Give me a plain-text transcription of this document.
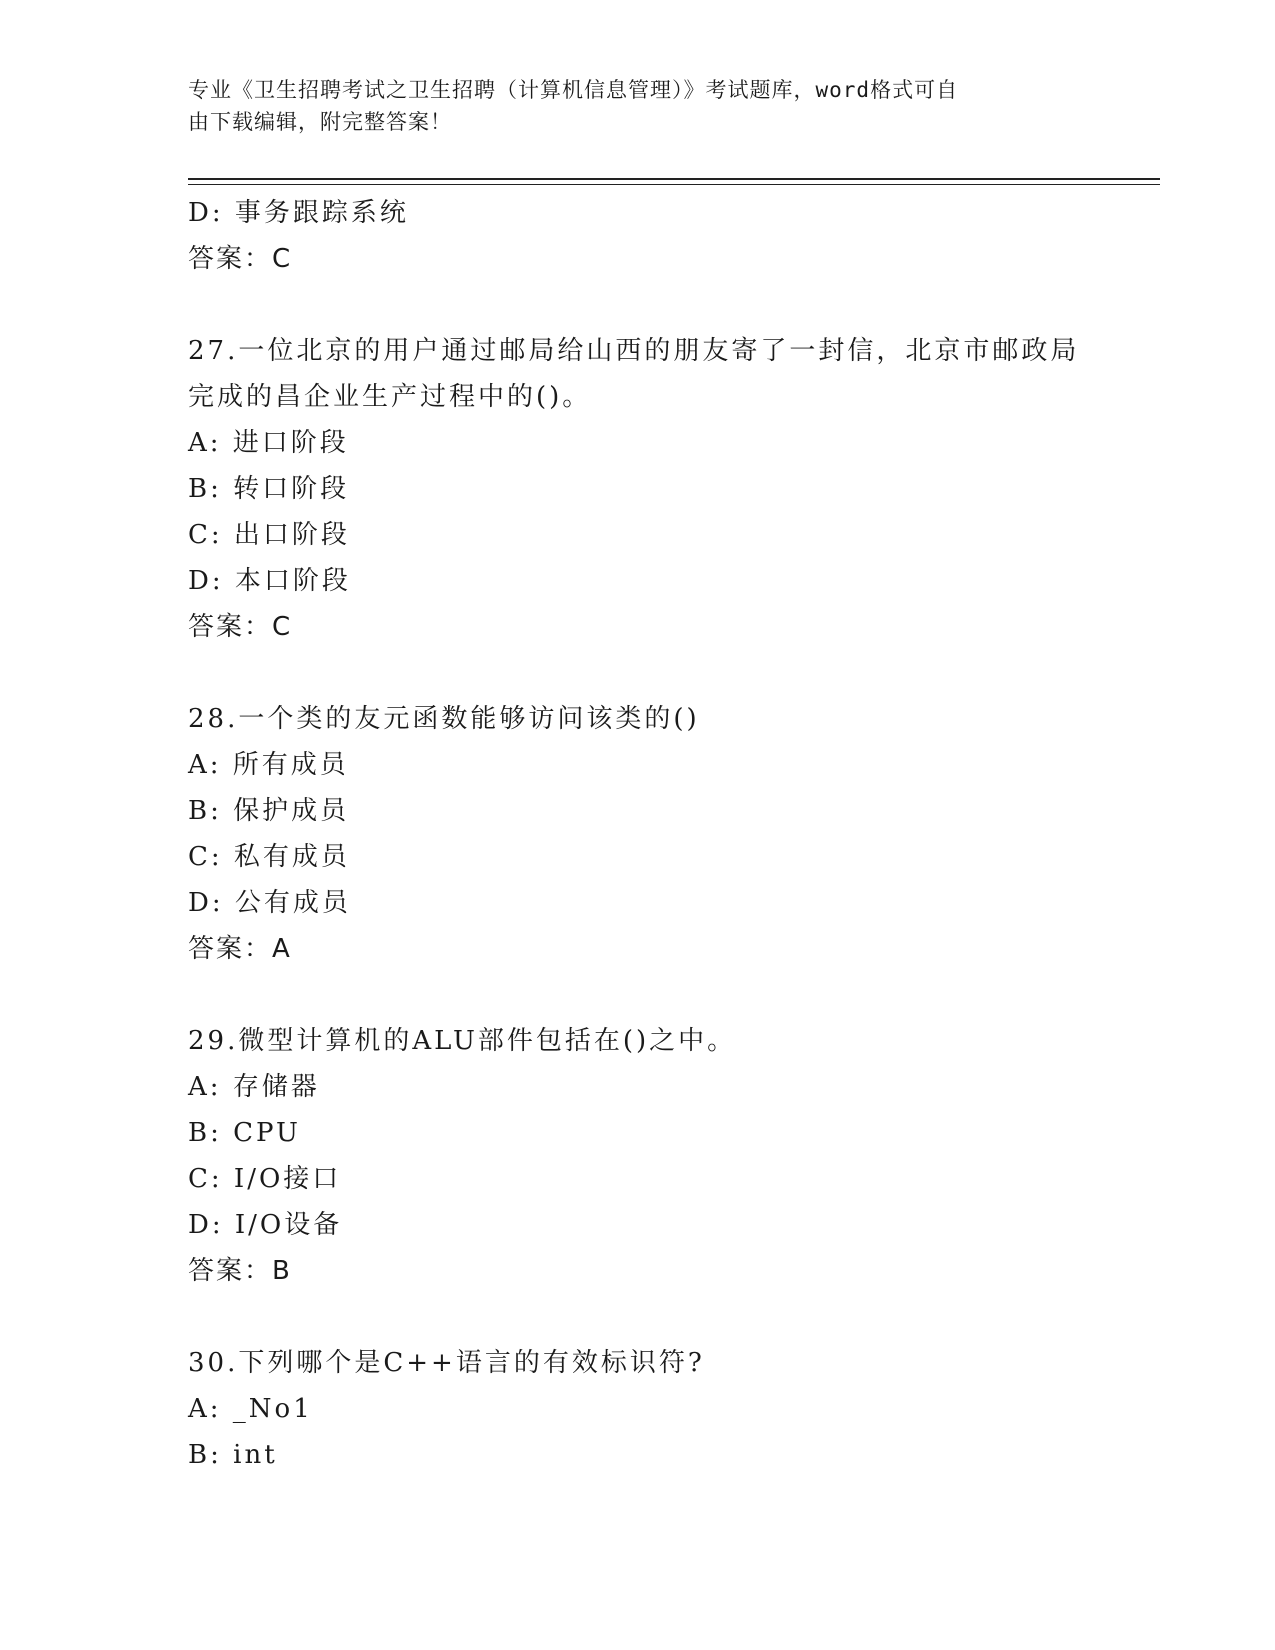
专业《卫生招聘考试之卫生招聘（计算机信息管理）》考试题库，word格式可自
由下载编辑，附完整答案！
D: 事务跟踪系统
答案：C
27.一位北京的用户通过邮局给山西的朋友寄了一封信，北京市邮政局
完成的昌企业生产过程中的()。
A: 进口阶段
B: 转口阶段
C: 出口阶段
D: 本口阶段
答案：C
28.一个类的友元函数能够访问该类的()
A: 所有成员
B: 保护成员
C: 私有成员
D: 公有成员
答案：A
29.微型计算机的ALU部件包括在()之中。
A: 存储器
B: CPU
C: I/O接口
D: I/O设备
答案：B
30.下列哪个是C++语言的有效标识符?
A: _No1
B: int
